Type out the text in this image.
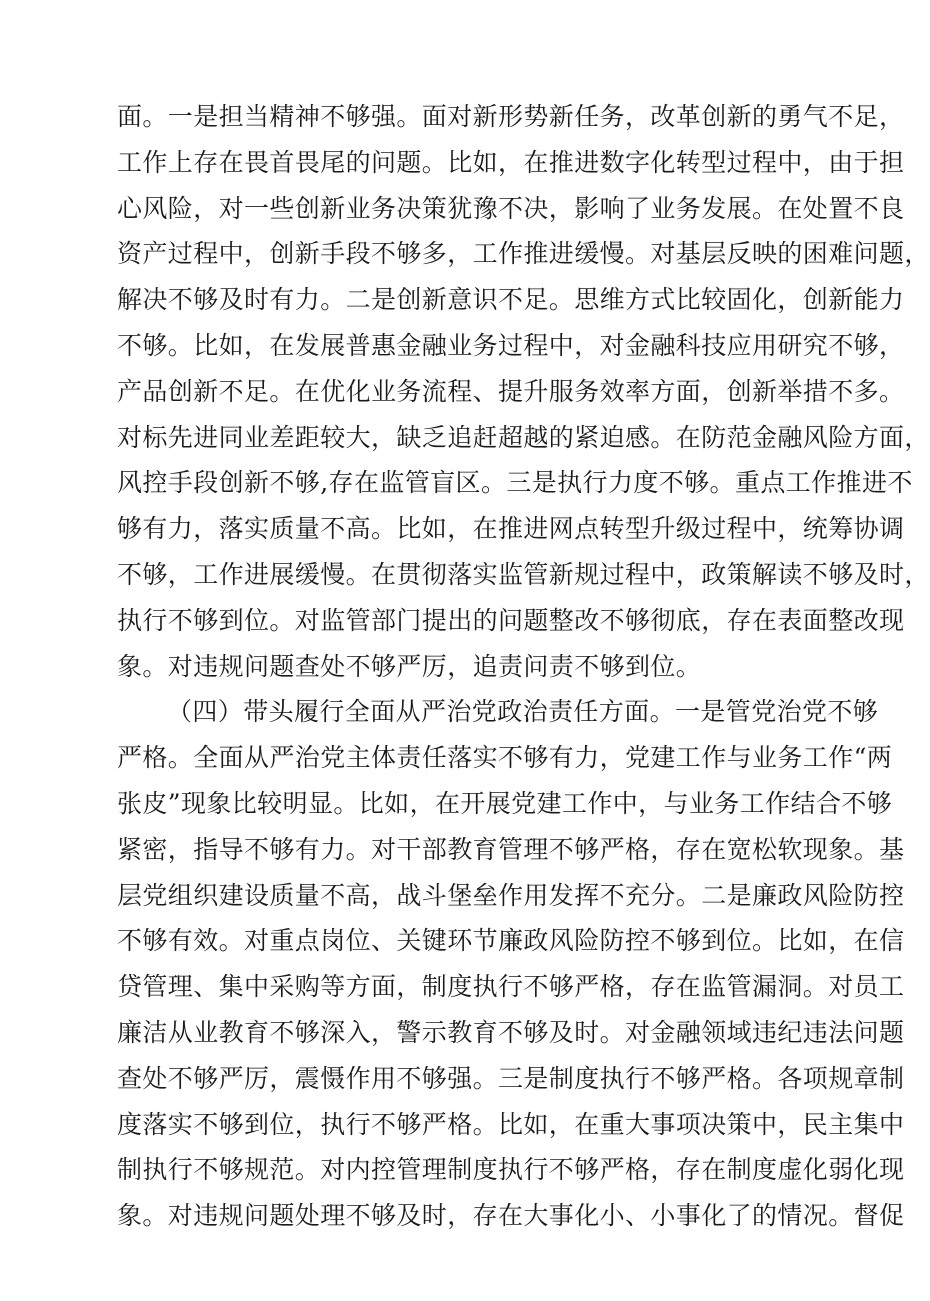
面。一是担当精神不够强。面对新形势新任务，改革创新的勇气不足，
工作上存在畏首畏尾的问题。比如，在推进数字化转型过程中，由于担
心风险，对一些创新业务决策犹豫不决，影响了业务发展。在处置不良
资产过程中，创新手段不够多，工作推进缓慢。对基层反映的困难问题，
解决不够及时有力。二是创新意识不足。思维方式比较固化，创新能力
不够。比如，在发展普惠金融业务过程中，对金融科技应用研究不够，
产品创新不足。在优化业务流程、提升服务效率方面，创新举措不多。
对标先进同业差距较大，缺乏追赶超越的紧迫感。在防范金融风险方面，
风控手段创新不够,存在监管盲区。三是执行力度不够。重点工作推进不
够有力，落实质量不高。比如，在推进网点转型升级过程中，统筹协调
不够，工作进展缓慢。在贯彻落实监管新规过程中，政策解读不够及时，
执行不够到位。对监管部门提出的问题整改不够彻底，存在表面整改现
象。对违规问题查处不够严厉，追责问责不够到位。
（四）带头履行全面从严治党政治责任方面。一是管党治党不够
严格。全面从严治党主体责任落实不够有力，党建工作与业务工作“两
张皮”现象比较明显。比如，在开展党建工作中，与业务工作结合不够
紧密，指导不够有力。对干部教育管理不够严格，存在宽松软现象。基
层党组织建设质量不高，战斗堡垒作用发挥不充分。二是廉政风险防控
不够有效。对重点岗位、关键环节廉政风险防控不够到位。比如，在信
贷管理、集中采购等方面，制度执行不够严格，存在监管漏洞。对员工
廉洁从业教育不够深入，警示教育不够及时。对金融领域违纪违法问题
查处不够严厉，震慑作用不够强。三是制度执行不够严格。各项规章制
度落实不够到位，执行不够严格。比如，在重大事项决策中，民主集中
制执行不够规范。对内控管理制度执行不够严格，存在制度虚化弱化现
象。对违规问题处理不够及时，存在大事化小、小事化了的情况。督促
